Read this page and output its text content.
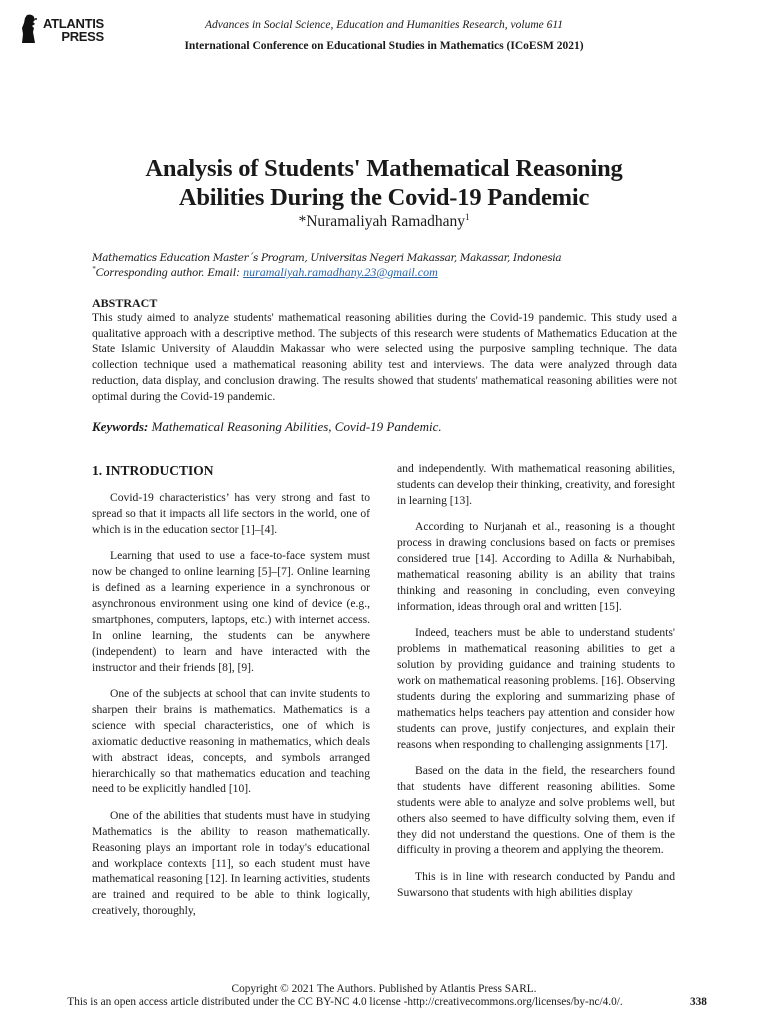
ATLANTIS
PRESS
Advances in Social Science, Education and Humanities Research, volume 611
International Conference on Educational Studies in Mathematics (ICoESM 2021)
Analysis of Students' Mathematical Reasoning
Abilities During the Covid-19 Pandemic
*Nuramaliyah Ramadhany$^1$
Mathematics Education Master´s Program, Universitas Negeri Makassar, Makassar, Indonesia
*Corresponding author. Email: nuramaliyah.ramadhany.23@gmail.com
ABSTRACT
This study aimed to analyze students' mathematical reasoning abilities during the Covid-19 pandemic. This study used a qualitative approach with a descriptive method. The subjects of this research were students of Mathematics Education at the State Islamic University of Alauddin Makassar who were selected using the purposive sampling technique. The data collection technique used a mathematical reasoning ability test and interviews. The data were analyzed through data reduction, data display, and conclusion drawing. The results showed that students' mathematical reasoning abilities were not optimal during the Covid-19 pandemic.
Keywords: Mathematical Reasoning Abilities, Covid-19 Pandemic.
1. INTRODUCTION

Covid-19 characteristics’ has very strong and fast to spread so that it impacts all life sectors in the world, one of which is in the education sector [1]–[4].

Learning that used to use a face-to-face system must now be changed to online learning [5]–[7]. Online learning is defined as a learning experience in a synchronous or asynchronous environment using one kind of device (e.g., smartphones, computers, laptops, etc.) with internet access. In online learning, the students can be anywhere (independent) to learn and have interacted with the instructor and their friends [8], [9].

One of the subjects at school that can invite students to sharpen their brains is mathematics. Mathematics is a science with special characteristics, one of which is axiomatic deductive reasoning in mathematics, which deals with abstract ideas, concepts, and symbols arranged hierarchically so that mathematics education and teaching need to be explicitly handled [10].

One of the abilities that students must have in studying Mathematics is the ability to reason mathematically. Reasoning plays an important role in today's educational and workplace contexts [11], so each student must have mathematical reasoning [12]. In learning activities, students are trained and required to be able to think logically, creatively, thoroughly,

and independently. With mathematical reasoning abilities, students can develop their thinking, creativity, and foresight in learning [13].

According to Nurjanah et al., reasoning is a thought process in drawing conclusions based on facts or premises considered true [14]. According to Adilla & Nurhabibah, mathematical reasoning ability is an ability that trains thinking and reasoning in concluding, even conveying information, ideas through oral and written [15].

Indeed, teachers must be able to understand students' problems in mathematical reasoning abilities to get a solution by providing guidance and training students to work on mathematical reasoning problems. [16]. Observing students during the exploring and summarizing phase of mathematics helps teachers pay attention and consider how students can prove, justify conjectures, and explain their reasons when responding to challenging assignments [17].

Based on the data in the field, the researchers found that students have different reasoning abilities. Some students were able to analyze and solve problems well, but others also seemed to have difficulty solving them, even if they did not understand the questions. One of them is the difficulty in proving a theorem and applying the theorem.

This is in line with research conducted by Pandu and Suwarsono that students with high abilities display

Copyright © 2021 The Authors. Published by Atlantis Press SARL.
This is an open access article distributed under the CC BY-NC 4.0 license -http://creativecommons.org/licenses/by-nc/4.0/.	338
